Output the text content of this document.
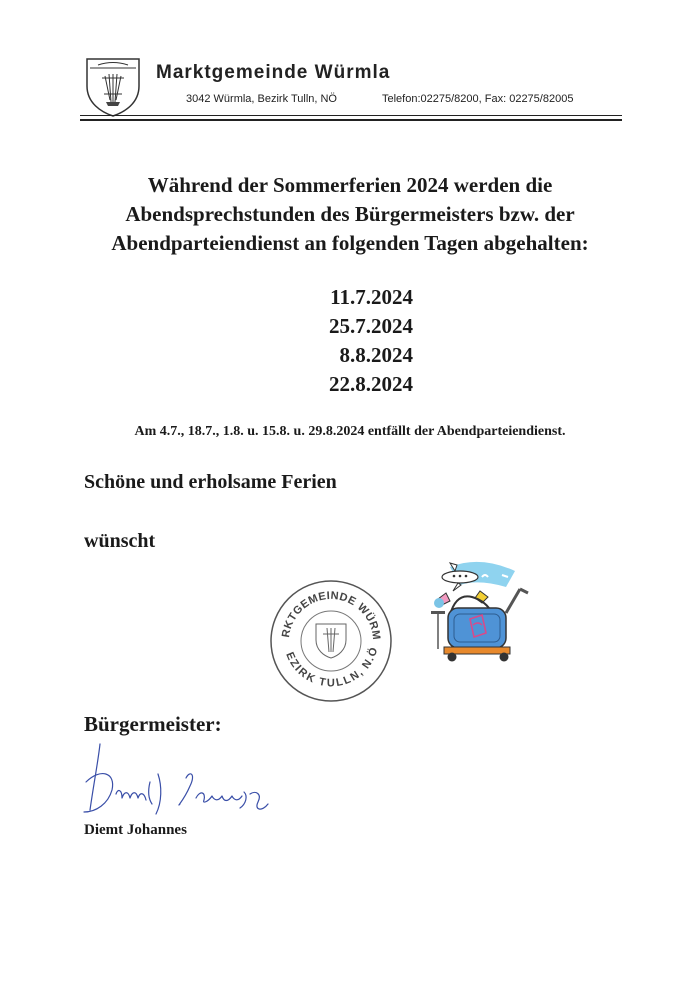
Marktgemeinde Würmla
3042 Würmla, Bezirk Tulln, NÖ	Telefon:02275/8200, Fax: 02275/82005
Während der Sommerferien 2024 werden die
Abendsprechstunden des Bürgermeisters bzw. der
Abendparteiendienst an folgenden Tagen abgehalten:
11.7.2024
25.7.2024
8.8.2024
22.8.2024
Am 4.7., 18.7., 1.8. u. 15.8. u. 29.8.2024 entfällt der Abendparteiendienst.
Schöne und erholsame Ferien
wünscht
RKTGEMEINDE WÜRM
EZIRK TULLN, N.Ö
Bürgermeister:
Diemt Johannes
